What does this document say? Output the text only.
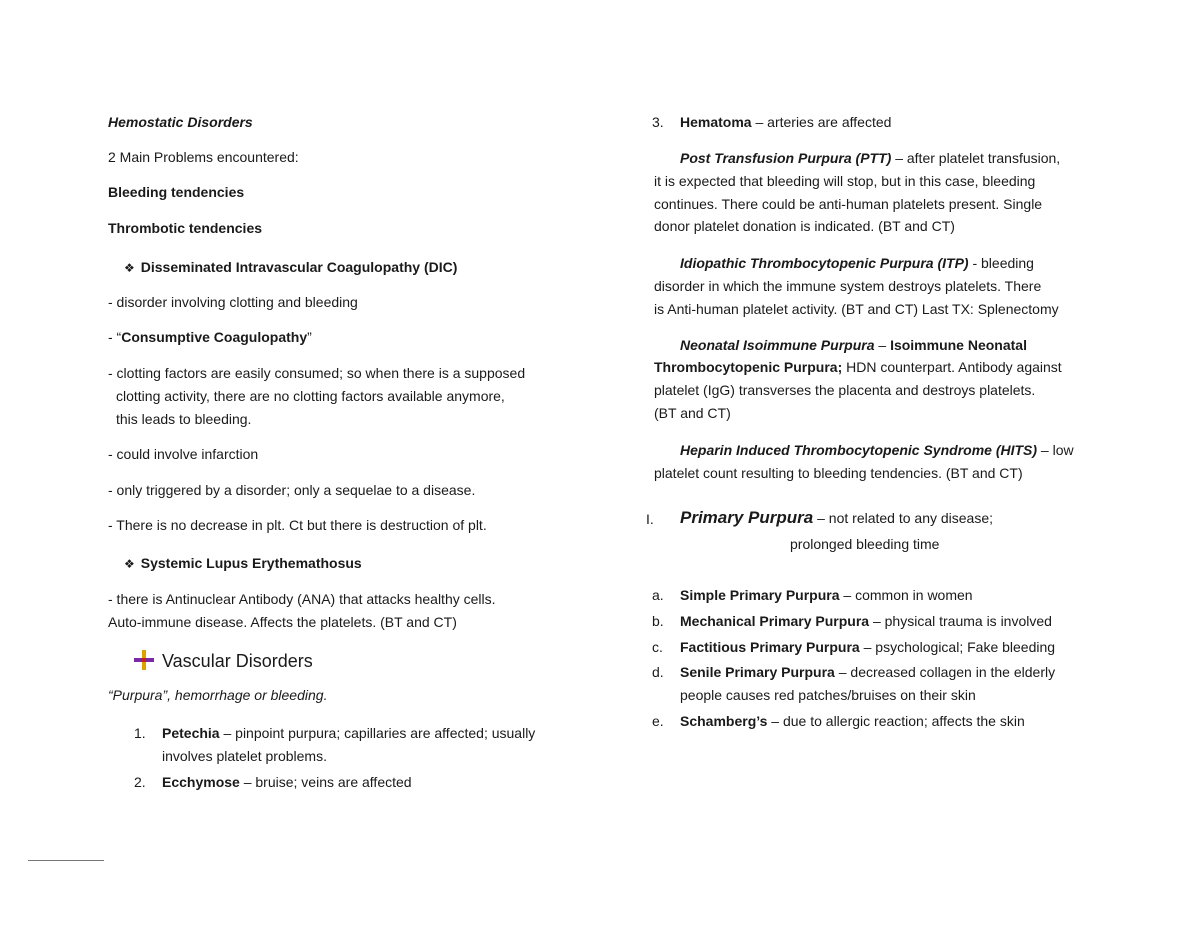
Hemostatic Disorders
2 Main Problems encountered:
Bleeding tendencies
Thrombotic tendencies
❖ Disseminated Intravascular Coagulopathy (DIC)
- disorder involving clotting and bleeding
- “Consumptive Coagulopathy”
- clotting factors are easily consumed; so when there is a supposed
clotting activity, there are no clotting factors available anymore,
this leads to bleeding.
- could involve infarction
- only triggered by a disorder; only a sequelae to a disease.
- There is no decrease in plt. Ct but there is destruction of plt.
❖ Systemic Lupus Erythemathosus
- there is Antinuclear Antibody (ANA) that attacks healthy cells.
Auto-immune disease. Affects the platelets. (BT and CT)
Vascular Disorders
“Purpura”, hemorrhage or bleeding.
1. Petechia – pinpoint purpura; capillaries are affected; usually
involves platelet problems.
2. Ecchymose – bruise; veins are affected
3. Hematoma – arteries are affected
Post Transfusion Purpura (PTT) – after platelet transfusion,
it is expected that bleeding will stop, but in this case, bleeding
continues. There could be anti-human platelets present. Single
donor platelet donation is indicated. (BT and CT)
Idiopathic Thrombocytopenic Purpura (ITP) - bleeding
disorder in which the immune system destroys platelets. There
is Anti-human platelet activity. (BT and CT) Last TX: Splenectomy
Neonatal Isoimmune Purpura – Isoimmune Neonatal
Thrombocytopenic Purpura; HDN counterpart. Antibody against
platelet (IgG) transverses the placenta and destroys platelets.
(BT and CT)
Heparin Induced Thrombocytopenic Syndrome (HITS) – low
platelet count resulting to bleeding tendencies. (BT and CT)
I. Primary Purpura – not related to any disease;
prolonged bleeding time
a. Simple Primary Purpura – common in women
b. Mechanical Primary Purpura – physical trauma is involved
c. Factitious Primary Purpura – psychological; Fake bleeding
d. Senile Primary Purpura – decreased collagen in the elderly
people causes red patches/bruises on their skin
e. Schamberg’s – due to allergic reaction; affects the skin
